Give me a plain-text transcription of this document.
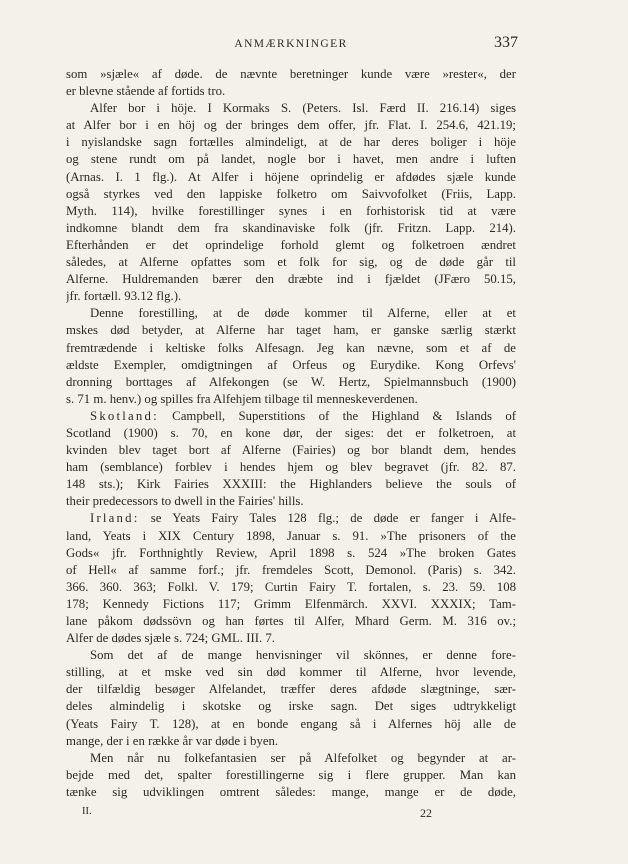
ANMÆRKNINGER	337
som »sjæle« af døde. de nævnte beretninger kunde være »rester«, der
er blevne stående af fortids tro.
Alfer bor i höje. I Kormaks S. (Peters. Isl. Færd II. 216.14) siges
at Alfer bor i en höj og der bringes dem offer, jfr. Flat. I. 254.6, 421.19;
i nyislandske sagn fortælles almindeligt, at de har deres boliger i höje
og stene rundt om på landet, nogle bor i havet, men andre i luften
(Arnas. I. 1 flg.). At Alfer i höjene oprindelig er afdødes sjæle kunde
også styrkes ved den lappiske folketro om Saivvofolket (Friis, Lapp.
Myth. 114), hvilke forestillinger synes i en forhistorisk tid at være
indkomne blandt dem fra skandinaviske folk (jfr. Fritzn. Lapp. 214).
Efterhånden er det oprindelige forhold glemt og folketroen ændret
således, at Alferne opfattes som et folk for sig, og de døde går til
Alferne. Huldremanden bærer den dræbte ind i fjældet (JFæro 50.15,
jfr. fortæll. 93.12 flg.).
Denne forestilling, at de døde kommer til Alferne, eller at et
mskes død betyder, at Alferne har taget ham, er ganske særlig stærkt
fremtrædende i keltiske folks Alfesagn. Jeg kan nævne, som et af de
ældste Exempler, omdigtningen af Orfeus og Eurydike. Kong Orfevs'
dronning borttages af Alfekongen (se W. Hertz, Spielmannsbuch (1900)
s. 71 m. henv.) og spilles fra Alfehjem tilbage til menneskeverdenen.
Skotland: Campbell, Superstitions of the Highland & Islands of
Scotland (1900) s. 70, en kone dør, der siges: det er folketroen, at
kvinden blev taget bort af Alferne (Fairies) og bor blandt dem, hendes
ham (semblance) forblev i hendes hjem og blev begravet (jfr. 82. 87.
148 sts.); Kirk Fairies XXXIII: the Highlanders believe the souls of
their predecessors to dwell in the Fairies' hills.
Irland: se Yeats Fairy Tales 128 flg.; de døde er fanger i Alfe-
land, Yeats i XIX Century 1898, Januar s. 91. »The prisoners of the
Gods« jfr. Forthnightly Review, April 1898 s. 524 »The broken Gates
of Hell« af samme forf.; jfr. fremdeles Scott, Demonol. (Paris) s. 342.
366. 360. 363; Folkl. V. 179; Curtin Fairy T. fortalen, s. 23. 59. 108
178; Kennedy Fictions 117; Grimm Elfenmärch. XXVI. XXXIX; Tam-
lane påkom dødssövn og han førtes til Alfer, Mhard Germ. M. 316 ov.;
Alfer de dødes sjæle s. 724; GML. III. 7.
Som det af de mange henvisninger vil skönnes, er denne fore-
stilling, at et mske ved sin død kommer til Alferne, hvor levende,
der tilfældig besøger Alfelandet, træffer deres afdøde slægtninge, sær-
deles almindelig i skotske og irske sagn. Det siges udtrykkeligt
(Yeats Fairy T. 128), at en bonde engang så i Alfernes höj alle de
mange, der i en række år var døde i byen.
Men når nu folkefantasien ser på Alfefolket og begynder at ar-
bejde med det, spalter forestillingerne sig i flere grupper. Man kan
tænke sig udviklingen omtrent således: mange, mange er de døde,
II.	22
